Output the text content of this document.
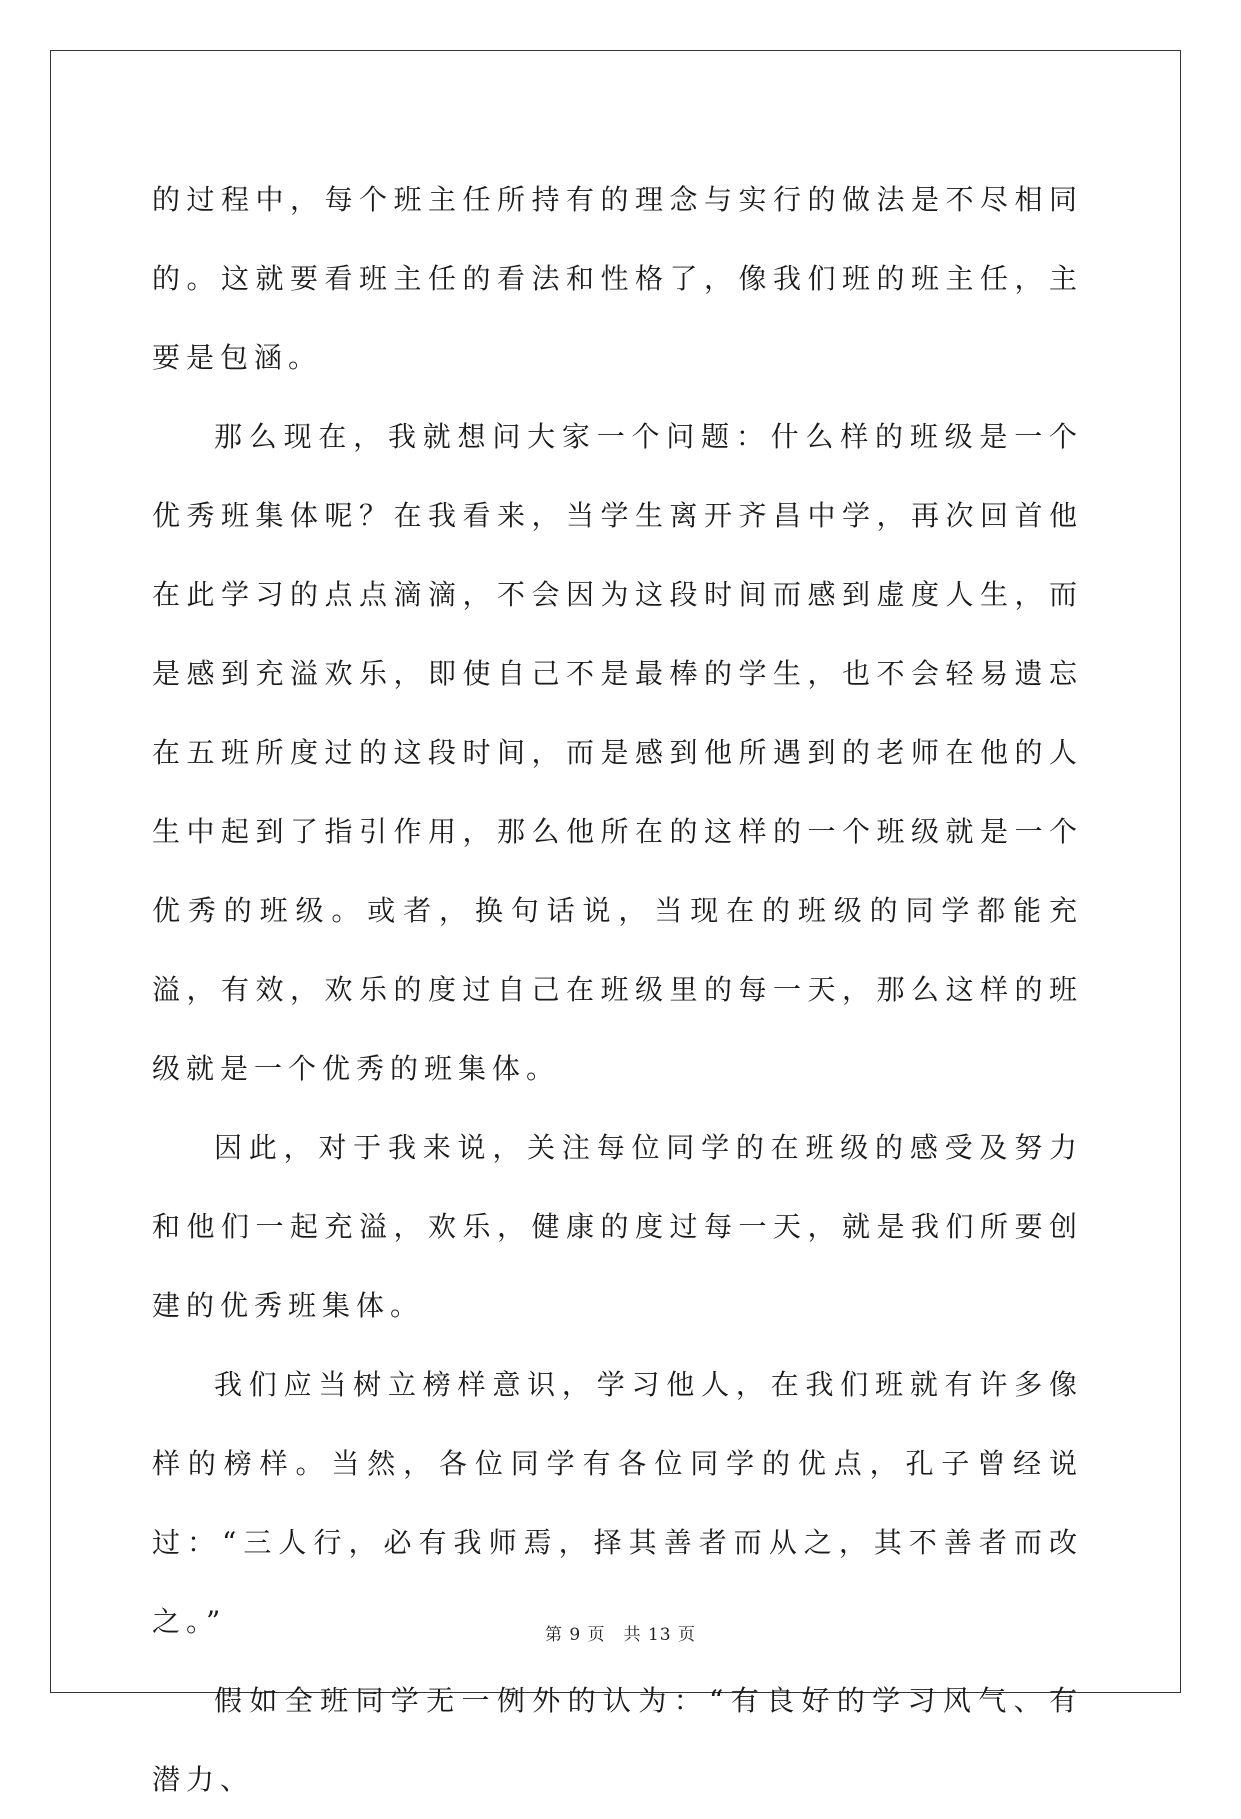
的过程中，每个班主任所持有的理念与实行的做法是不尽相同的。这就要看班主任的看法和性格了，像我们班的班主任，主要是包涵。

那么现在，我就想问大家一个问题：什么样的班级是一个优秀班集体呢？在我看来，当学生离开齐昌中学，再次回首他在此学习的点点滴滴，不会因为这段时间而感到虚度人生，而是感到充溢欢乐，即使自己不是最棒的学生，也不会轻易遗忘在五班所度过的这段时间，而是感到他所遇到的老师在他的人生中起到了指引作用，那么他所在的这样的一个班级就是一个优秀的班级。或者，换句话说，当现在的班级的同学都能充溢，有效，欢乐的度过自己在班级里的每一天，那么这样的班级就是一个优秀的班集体。

因此，对于我来说，关注每位同学的在班级的感受及努力和他们一起充溢，欢乐，健康的度过每一天，就是我们所要创建的优秀班集体。

我们应当树立榜样意识，学习他人，在我们班就有许多像样的榜样。当然，各位同学有各位同学的优点，孔子曾经说过：“三人行，必有我师焉，择其善者而从之，其不善者而改之。”

假如全班同学无一例外的认为：“有良好的学习风气、有潜力、

第 9 页　共 13 页
